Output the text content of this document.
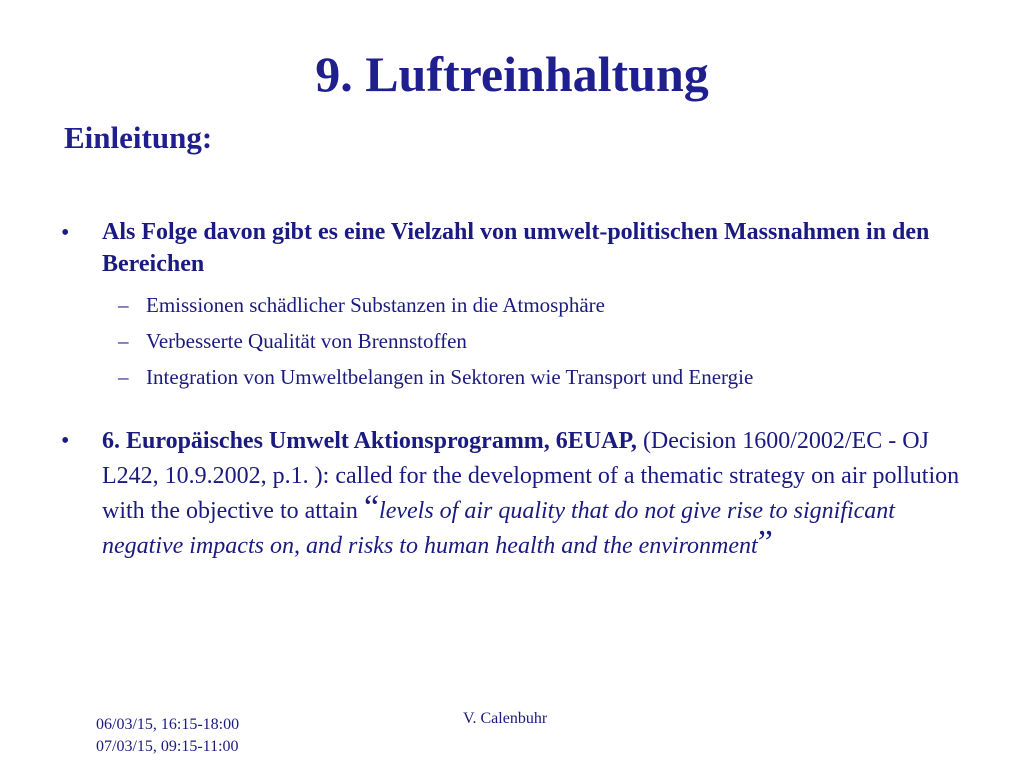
9. Luftreinhaltung
Einleitung:
• Als Folge davon gibt es eine Vielzahl von umwelt-politischen Massnahmen in den Bereichen
– Emissionen schädlicher Substanzen in die Atmosphäre
– Verbesserte Qualität von Brennstoffen
– Integration von Umweltbelangen in Sektoren wie Transport und Energie
• 6. Europäisches Umwelt Aktionsprogramm, 6EUAP, (Decision 1600/2002/EC - OJ L242, 10.9.2002, p.1. ): called for the development of a thematic strategy on air pollution with the objective to attain “levels of air quality that do not give rise to significant negative impacts on, and risks to human health and the environment”
06/03/15, 16:15-18:00
07/03/15, 09:15-11:00
V. Calenbuhr
